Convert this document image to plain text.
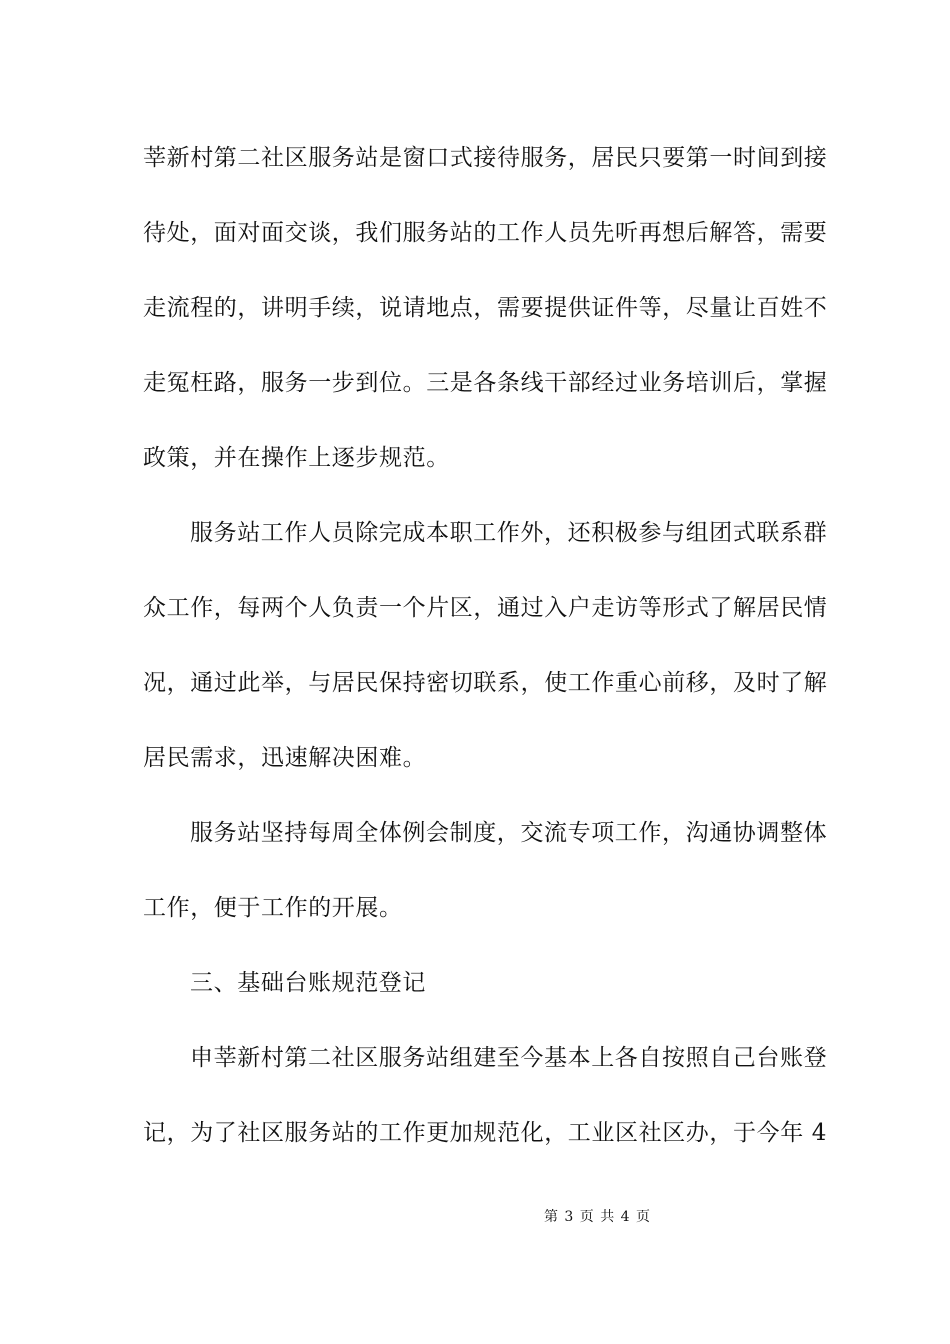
莘新村第二社区服务站是窗口式接待服务，居民只要第一时间到接
待处，面对面交谈，我们服务站的工作人员先听再想后解答，需要
走流程的，讲明手续，说请地点，需要提供证件等，尽量让百姓不
走冤枉路，服务一步到位。三是各条线干部经过业务培训后，掌握
政策，并在操作上逐步规范。
服务站工作人员除完成本职工作外，还积极参与组团式联系群
众工作，每两个人负责一个片区，通过入户走访等形式了解居民情
况，通过此举，与居民保持密切联系，使工作重心前移，及时了解
居民需求，迅速解决困难。
服务站坚持每周全体例会制度，交流专项工作，沟通协调整体
工作，便于工作的开展。
三、基础台账规范登记
申莘新村第二社区服务站组建至今基本上各自按照自己台账登
记，为了社区服务站的工作更加规范化，工业区社区办，于今年 4
第 3 页 共 4 页
